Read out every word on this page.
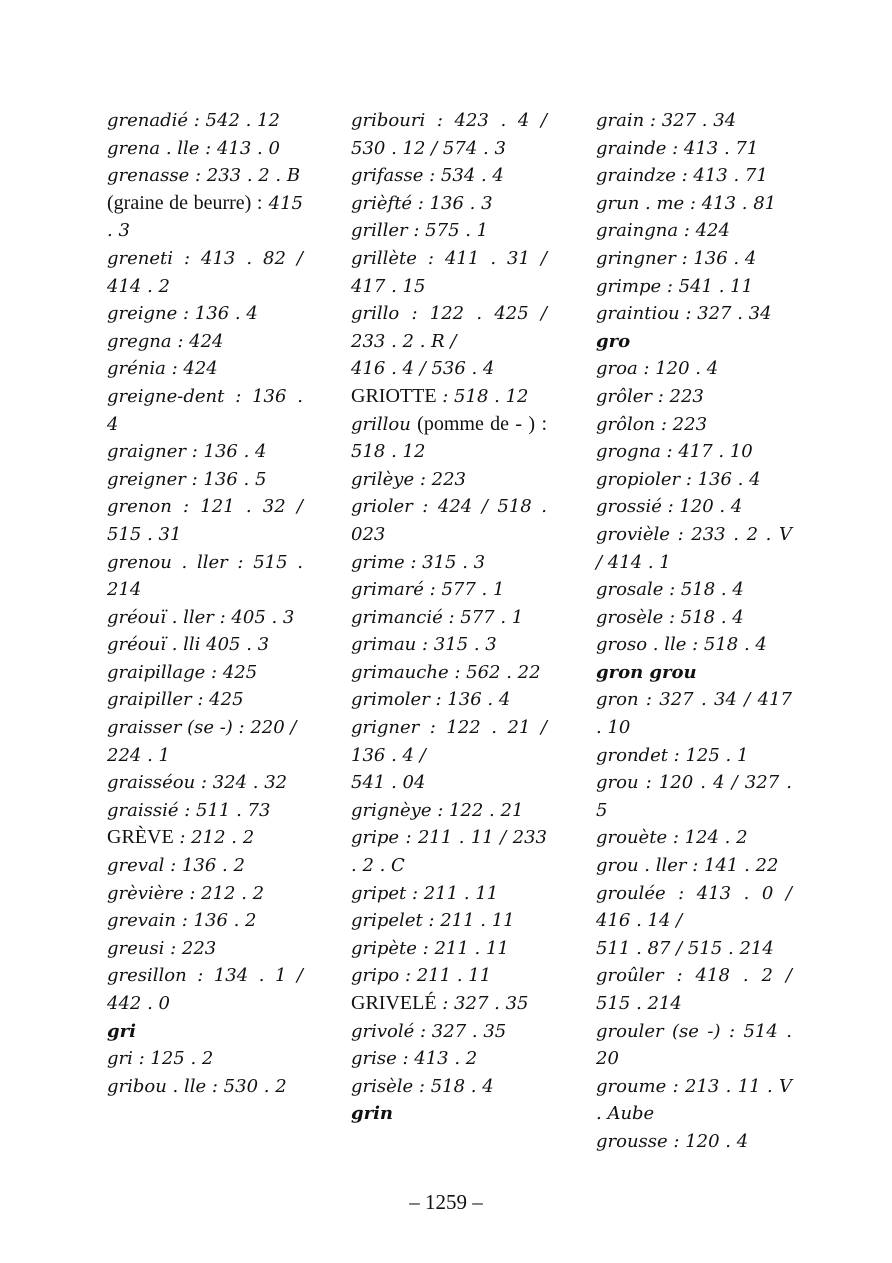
grenadié : 542 . 12
grena . lle : 413 . 0
grenasse : 233 . 2 . B
(graine de beurre) : 415 . 3
greneti : 413 . 82 / 414 . 2
greigne : 136 . 4
gregna : 424
grénia : 424
greigne-dent : 136 . 4
graigner : 136 . 4
greigner : 136 . 5
grenon : 121 . 32 / 515 . 31
grenou . ller : 515 . 214
gréouï . ller : 405 . 3
gréouï . lli 405 . 3
graipillage : 425
graipiller : 425
graisser (se -) : 220 /
224 . 1
graisséou : 324 . 32
graissié : 511 . 73
GRÈVE : 212 . 2
greval : 136 . 2
grèvière : 212 . 2
grevain : 136 . 2
greusi : 223
gresillon : 134 . 1 / 442 . 0
gri
gri : 125 . 2
gribou . lle : 530 . 2
gribouri : 423 . 4 / 530 . 12 / 574 . 3
grifasse : 534 . 4
grièfté : 136 . 3
griller : 575 . 1
grillète : 411 . 31 / 417 . 15
grillo : 122 . 425 / 233 . 2 . R /
416 . 4 / 536 . 4
GRIOTTE : 518 . 12
grillou (pomme de - ) : 518 . 12
grilèye : 223
grioler : 424 / 518 . 023
grime : 315 . 3
grimaré : 577 . 1
grimancié : 577 . 1
grimau : 315 . 3
grimauche : 562 . 22
grimoler : 136 . 4
grigner : 122 . 21 / 136 . 4 /
541 . 04
grignèye : 122 . 21
gripe : 211 . 11 / 233 . 2 . C
gripet : 211 . 11
gripelet : 211 . 11
gripète : 211 . 11
gripo : 211 . 11
GRIVELÉ : 327 . 35
grivolé : 327 . 35
grise : 413 . 2
grisèle : 518 . 4
grin
grain : 327 . 34
grainde : 413 . 71
graindze : 413 . 71
grun . me : 413 . 81
graingna : 424
gringner : 136 . 4
grimpe : 541 . 11
graintiou : 327 . 34
gro
groa : 120 . 4
grôler : 223
grôlon : 223
grogna : 417 . 10
gropioler : 136 . 4
grossié : 120 . 4
grovièle : 233 . 2 . V / 414 . 1
grosale : 518 . 4
grosèle : 518 . 4
groso . lle : 518 . 4
gron grou
gron : 327 . 34 / 417 . 10
grondet : 125 . 1
grou : 120 . 4 / 327 . 5
grouète : 124 . 2
grou . ller : 141 . 22
groulée : 413 . 0 / 416 . 14 /
511 . 87 / 515 . 214
groûler : 418 . 2 / 515 . 214
grouler (se -) : 514 . 20
groume : 213 . 11 . V . Aube
grousse : 120 . 4
– 1259 –
